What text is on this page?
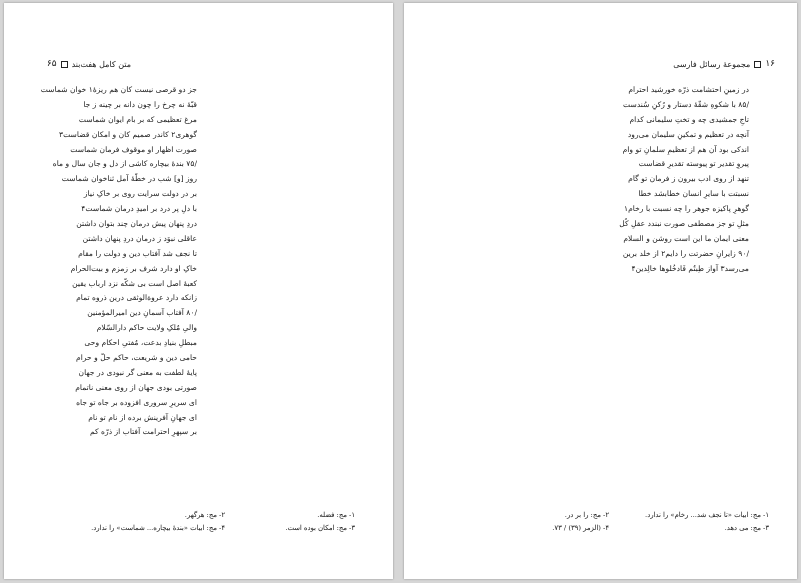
متن کامل هفت‌بند
۶۵
جز دو قرصی نیست کان هم ریزۀ۱ خوان شماست
قبّهٔ نه چرخ را چون دانه بر چینه ز جا
مرغ تعظیمی که بر بام ایوان شماست
گوهری۲ کاندر صمیم کان و امکان قضاست۳
صورت اظهار او موقوف فرمان شماست
/۷۵ بندهٔ بیچاره کاشی از دل و جان سال و ماه
روز [و] شب در خطّهٔ آمل ثناخوان شماست
بر در دولت سرایت روی بر خاکِ نیاز
با دلِ پر درد بر امیدِ درمان شماست۴
دردِ پنهان پیش درمان چند بتوان داشتن
عاقلی نبوَد ز درمان دردِ پنهان داشتن
تا نجف شد آفتاب دین و دولت را مقام
خاکِ او دارد شرف بر زمزم و بیت‌الحرام
کعبهٔ اصل است بی شکّه نزد ارباب یقین
زانکه دارد عروة‌الوثقی درین ذروه تمام
/۸۰ آفتاب آسمانِ دین امیرالمؤمنین
والیِ مُلکِ ولایت حاکم دارالسّلام
مبطلِ بنیادِ بدعت، مُفتیِ احکام وحی
حامی دین و شریعت، حاکم حلّ و حرام
پایهٔ لطفت به معنی گر نبودی در جهان
صورتی بودی جهان از روی معنی ناتمام
ای سریرِ سروری افزوده بر جاه تو جاه
ای جهانِ آفرینش برده از نام تو نام
بر سپهرِ احترامت آفتاب از ذرّه کم
۱- مج: فضله.
۲- مج: هرگهر.
۳- مج: امکان بوده است.
۴- مج: ابیات «بندهٔ بیچاره... شماست» را ندارد.
۱۶
مجموعهٔ رسائل فارسی
در زمینِ احتشامت ذرّه خورشید احترام
/۸۵ با شکوهِ شقّهٔ دستار و رُکنِ سُندست
تاجِ جمشیدی چه و تختِ سلیمانی کدام
آنچه در تعظیم و تمکینِ سلیمان می‌رود
اندکی بود آن هم از تعظیمِ سلمانِ تو وام
پیروِ تقدیر تو پیوسته تقدیرِ قضاست
تنهد از روی ادب بیرون ز فرمان تو گام
نسبتت با سایرِ انسان خطابشد خطا
گوهرِ پاکیزه جوهر را چه نسبت با رخام۱
مثلِ تو جز مصطفی صورت نبندد عقلِ کُل
معنی ایمان ما این است روشن و السلام
/۹۰ زایرانِ حضرتت را دایم۲ از خلد برین
می‌رسد۳ آواز طِبتُم فَادخُلوها خالِدین۴
۱- مج: ابیات «تا نجف شد... رخام» را ندارد.
۲- مج: را بر در.
۳- مج: می دهد.
۴- (الزمر (۳۹) / ۷۳.
